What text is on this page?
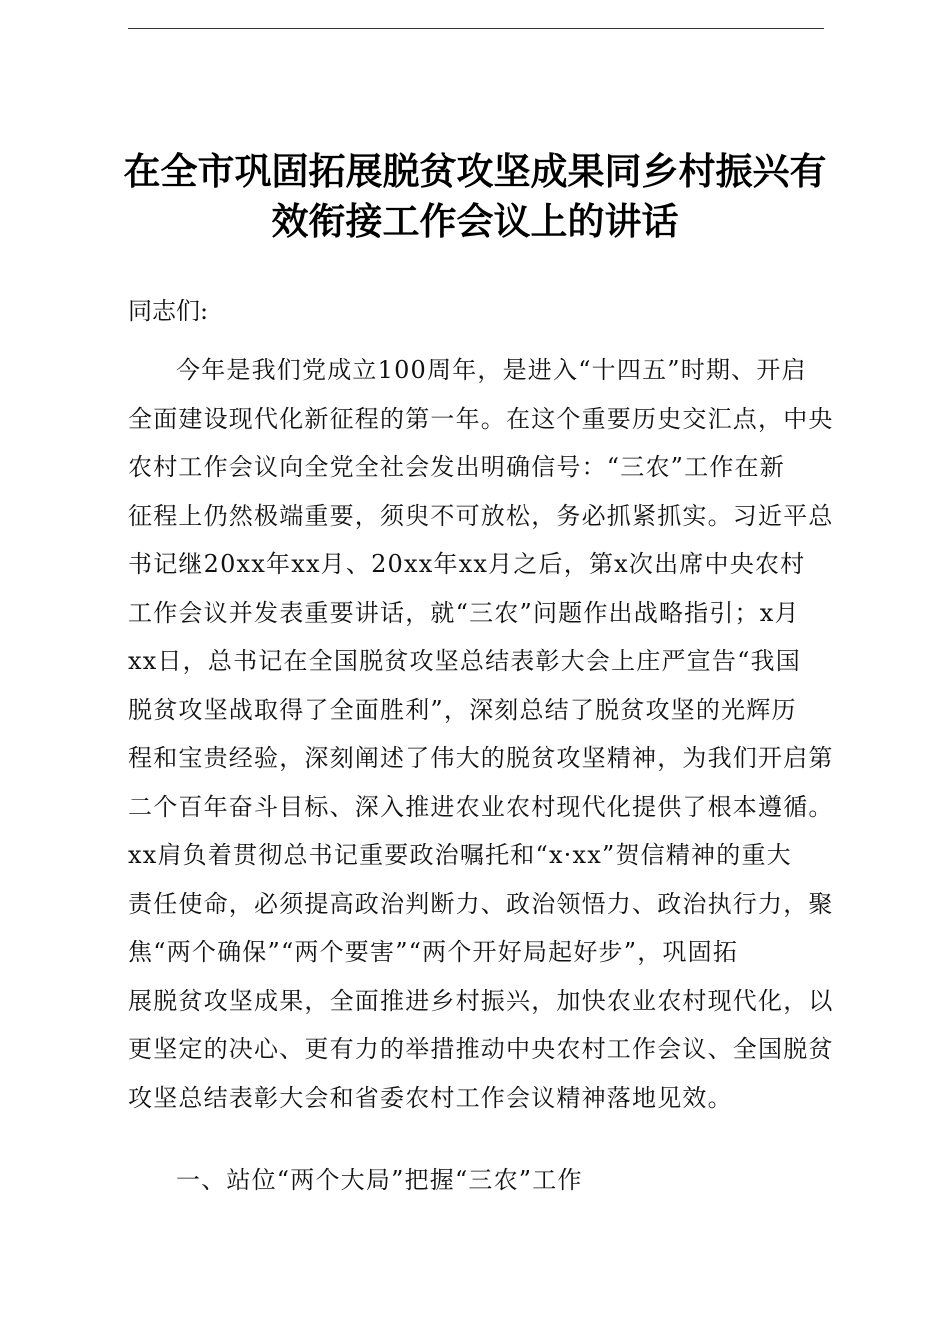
在全市巩固拓展脱贫攻坚成果同乡村振兴有
效衔接工作会议上的讲话
同志们:
今年是我们党成立100周年，是进入“十四五”时期、开启
全面建设现代化新征程的第一年。在这个重要历史交汇点，中央
农村工作会议向全党全社会发出明确信号：“三农”工作在新
征程上仍然极端重要，须臾不可放松，务必抓紧抓实。习近平总
书记继20xx年xx月、20xx年xx月之后，第x次出席中央农村
工作会议并发表重要讲话，就“三农”问题作出战略指引；x月
xx日，总书记在全国脱贫攻坚总结表彰大会上庄严宣告“我国
脱贫攻坚战取得了全面胜利”，深刻总结了脱贫攻坚的光辉历
程和宝贵经验，深刻阐述了伟大的脱贫攻坚精神，为我们开启第
二个百年奋斗目标、深入推进农业农村现代化提供了根本遵循。
xx肩负着贯彻总书记重要政治嘱托和“x·xx”贺信精神的重大
责任使命，必须提高政治判断力、政治领悟力、政治执行力，聚
焦“两个确保”“两个要害”“两个开好局起好步”，巩固拓
展脱贫攻坚成果，全面推进乡村振兴，加快农业农村现代化，以
更坚定的决心、更有力的举措推动中央农村工作会议、全国脱贫
攻坚总结表彰大会和省委农村工作会议精神落地见效。
一、站位“两个大局”把握“三农”工作
